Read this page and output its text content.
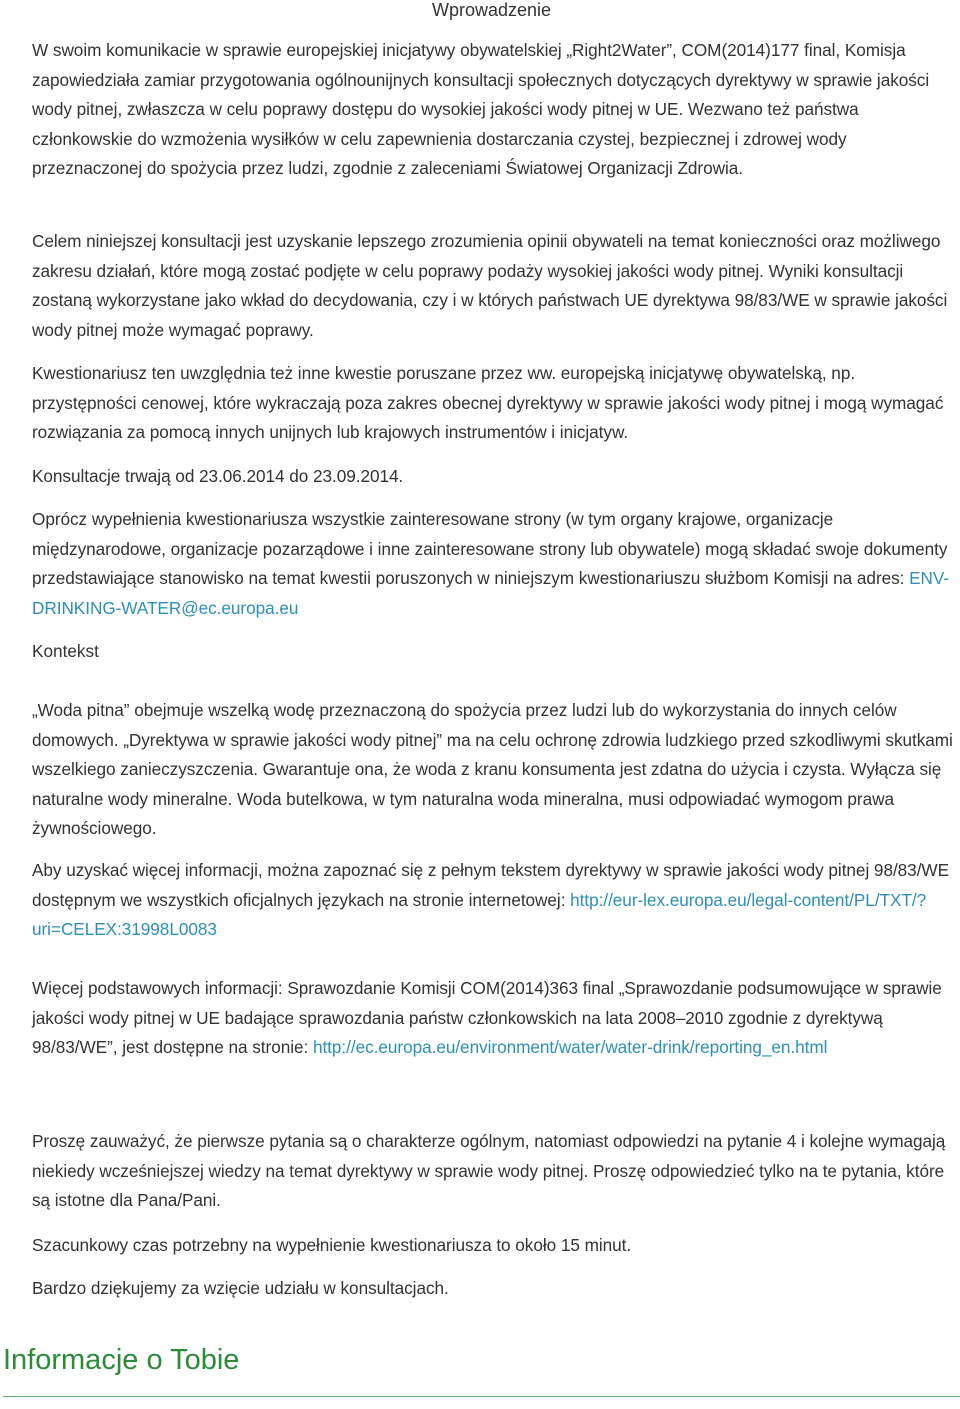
Wprowadzenie

W swoim komunikacie w sprawie europejskiej inicjatywy obywatelskiej „Right2Water”, COM(2014)177 final, Komisja zapowiedziała zamiar przygotowania ogólnounijnych konsultacji społecznych dotyczących dyrektywy w sprawie jakości wody pitnej, zwłaszcza w celu poprawy dostępu do wysokiej jakości wody pitnej w UE. Wezwano też państwa członkowskie do wzmożenia wysiłków w celu zapewnienia dostarczania czystej, bezpiecznej i zdrowej wody przeznaczonej do spożycia przez ludzi, zgodnie z zaleceniami Światowej Organizacji Zdrowia.

Celem niniejszej konsultacji jest uzyskanie lepszego zrozumienia opinii obywateli na temat konieczności oraz możliwego zakresu działań, które mogą zostać podjęte w celu poprawy podaży wysokiej jakości wody pitnej. Wyniki konsultacji zostaną wykorzystane jako wkład do decydowania, czy i w których państwach UE dyrektywa 98/83/WE w sprawie jakości wody pitnej może wymagać poprawy.

Kwestionariusz ten uwzględnia też inne kwestie poruszane przez ww. europejską inicjatywę obywatelską, np. przystępności cenowej, które wykraczają poza zakres obecnej dyrektywy w sprawie jakości wody pitnej i mogą wymagać rozwiązania za pomocą innych unijnych lub krajowych instrumentów i inicjatyw.

Konsultacje trwają od 23.06.2014 do 23.09.2014.

Oprócz wypełnienia kwestionariusza wszystkie zainteresowane strony (w tym organy krajowe, organizacje międzynarodowe, organizacje pozarządowe i inne zainteresowane strony lub obywatele) mogą składać swoje dokumenty przedstawiające stanowisko na temat kwestii poruszonych w niniejszym kwestionariuszu służbom Komisji na adres: ENV-DRINKING-WATER@ec.europa.eu

Kontekst

„Woda pitna” obejmuje wszelką wodę przeznaczoną do spożycia przez ludzi lub do wykorzystania do innych celów domowych. „Dyrektywa w sprawie jakości wody pitnej” ma na celu ochronę zdrowia ludzkiego przed szkodliwymi skutkami wszelkiego zanieczyszczenia. Gwarantuje ona, że woda z kranu konsumenta jest zdatna do użycia i czysta. Wyłącza się naturalne wody mineralne. Woda butelkowa, w tym naturalna woda mineralna, musi odpowiadać wymogom prawa żywnościowego.

Aby uzyskać więcej informacji, można zapoznać się z pełnym tekstem dyrektywy w sprawie jakości wody pitnej 98/83/WE dostępnym we wszystkich oficjalnych językach na stronie internetowej: http://eur-lex.europa.eu/legal-content/PL/TXT/?uri=CELEX:31998L0083

Więcej podstawowych informacji: Sprawozdanie Komisji COM(2014)363 final „Sprawozdanie podsumowujące w sprawie jakości wody pitnej w UE badające sprawozdania państw członkowskich na lata 2008–2010 zgodnie z dyrektywą 98/83/WE”, jest dostępne na stronie: http://ec.europa.eu/environment/water/water-drink/reporting_en.html

Proszę zauważyć, że pierwsze pytania są o charakterze ogólnym, natomiast odpowiedzi na pytanie 4 i kolejne wymagają niekiedy wcześniejszej wiedzy na temat dyrektywy w sprawie wody pitnej. Proszę odpowiedzieć tylko na te pytania, które są istotne dla Pana/Pani.

Szacunkowy czas potrzebny na wypełnienie kwestionariusza to około 15 minut.

Bardzo dziękujemy za wzięcie udziału w konsultacjach.

Informacje o Tobie
